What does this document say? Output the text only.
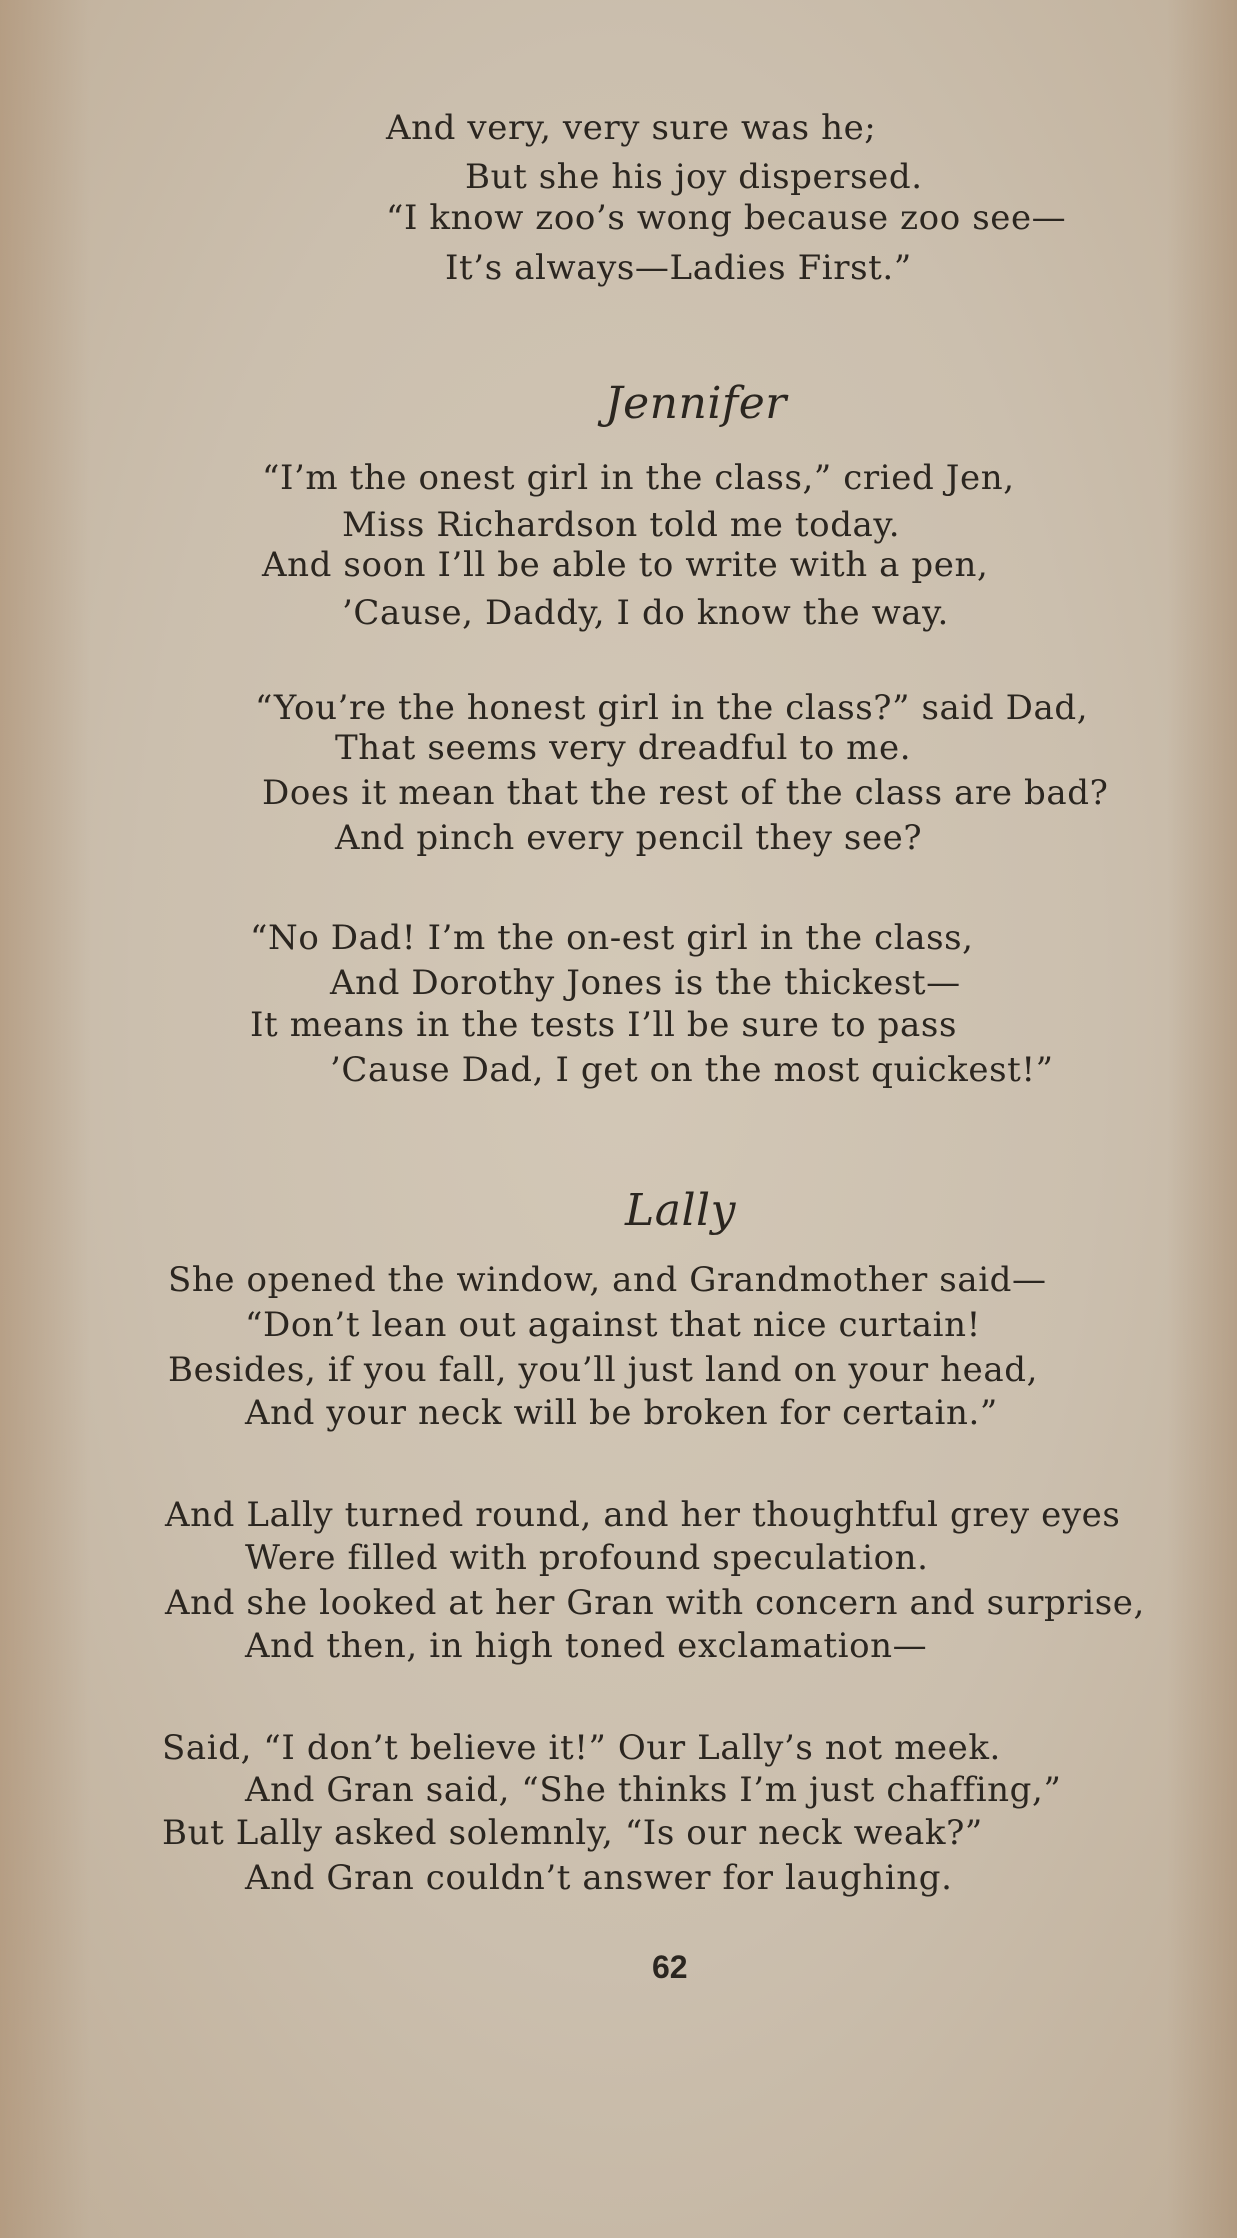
And very, very sure was he;
But she his joy dispersed.
“I know zoo’s wong because zoo see—
It’s always—Ladies First.”
Jennifer
“I’m the onest girl in the class,” cried Jen,
Miss Richardson told me today.
And soon I’ll be able to write with a pen,
’Cause, Daddy, I do know the way.
“You’re the honest girl in the class?” said Dad,
That seems very dreadful to me.
Does it mean that the rest of the class are bad?
And pinch every pencil they see?
“No Dad! I’m the on-est girl in the class,
And Dorothy Jones is the thickest—
It means in the tests I’ll be sure to pass
’Cause Dad, I get on the most quickest!”
Lally
She opened the window, and Grandmother said—
“Don’t lean out against that nice curtain!
Besides, if you fall, you’ll just land on your head,
And your neck will be broken for certain.”
And Lally turned round, and her thoughtful grey eyes
Were filled with profound speculation.
And she looked at her Gran with concern and surprise,
And then, in high toned exclamation—
Said, “I don’t believe it!” Our Lally’s not meek.
And Gran said, “She thinks I’m just chaffing,”
But Lally asked solemnly, “Is our neck weak?”
And Gran couldn’t answer for laughing.
62
